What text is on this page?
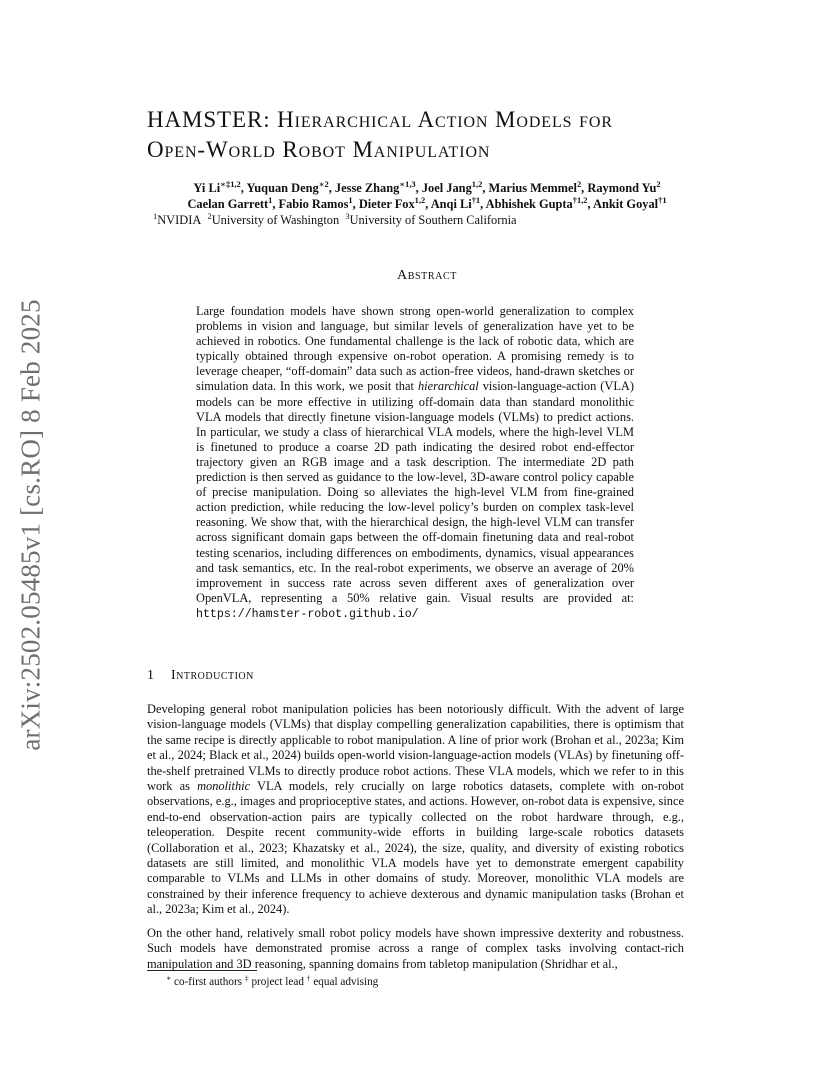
arXiv:2502.05485v1 [cs.RO] 8 Feb 2025
HAMSTER: Hierarchical Action Models for
Open-World Robot Manipulation
Yi $Li^{∗\ddagger 1,2}$, Yuquan Deng$^{∗2}$, Jesse Zhang$^{∗1,3}$, Joel Jang$^{1,2}$, Marius Memmel$^2$, Raymond Yu$^2$
Caelan Garrett$^1$, Fabio Ramos$^1$, Dieter Fox$^{1,2}$, Anqi Li$^{\dagger 1}$, Abhishek Gupta$^{\dagger 1,2}$, Ankit Goyal$^{\dagger 1}$
$^1$NVIDIA $^2$University of Washington $^3$University of Southern California
Abstract
Large foundation models have shown strong open-world generalization to complex problems in vision and language, but similar levels of generalization have yet to be achieved in robotics. One fundamental challenge is the lack of robotic data, which are typically obtained through expensive on-robot operation. A promising remedy is to leverage cheaper, “off-domain” data such as action-free videos, hand-drawn sketches or simulation data. In this work, we posit that hierarchical vision-language-action (VLA) models can be more effective in utilizing off-domain data than standard monolithic VLA models that directly finetune vision-language models (VLMs) to predict actions. In particular, we study a class of hierarchical VLA models, where the high-level VLM is finetuned to produce a coarse 2D path indicating the desired robot end-effector trajectory given an RGB image and a task description. The intermediate 2D path prediction is then served as guidance to the low-level, 3D-aware control policy capable of precise manipulation. Doing so alleviates the high-level VLM from fine-grained action prediction, while reducing the low-level policy’s burden on complex task-level reasoning. We show that, with the hierarchical design, the high-level VLM can transfer across significant domain gaps between the off-domain finetuning data and real-robot testing scenarios, including differences on embodiments, dynamics, visual appearances and task semantics, etc. In the real-robot experiments, we observe an average of 20% improvement in success rate across seven different axes of generalization over OpenVLA, representing a 50% relative gain. Visual results are provided at: https://hamster-robot.github.io/
1 Introduction

Developing general robot manipulation policies has been notoriously difficult. With the advent of large vision-language models (VLMs) that display compelling generalization capabilities, there is optimism that the same recipe is directly applicable to robot manipulation. A line of prior work (Brohan et al., 2023a; Kim et al., 2024; Black et al., 2024) builds open-world vision-language-action models (VLAs) by finetuning off-the-shelf pretrained VLMs to directly produce robot actions. These VLA models, which we refer to in this work as monolithic VLA models, rely crucially on large robotics datasets, complete with on-robot observations, e.g., images and proprioceptive states, and actions. However, on-robot data is expensive, since end-to-end observation-action pairs are typically collected on the robot hardware through, e.g., teleoperation. Despite recent community-wide efforts in building large-scale robotics datasets (Collaboration et al., 2023; Khazatsky et al., 2024), the size, quality, and diversity of existing robotics datasets are still limited, and monolithic VLA models have yet to demonstrate emergent capability comparable to VLMs and LLMs in other domains of study. Moreover, monolithic VLA models are constrained by their inference frequency to achieve dexterous and dynamic manipulation tasks (Brohan et al., 2023a; Kim et al., 2024).

On the other hand, relatively small robot policy models have shown impressive dexterity and robustness. Such models have demonstrated promise across a range of complex tasks involving contact-rich manipulation and 3D reasoning, spanning domains from tabletop manipulation (Shridhar et al.,

∗ co-first authors ‡ project lead † equal advising
